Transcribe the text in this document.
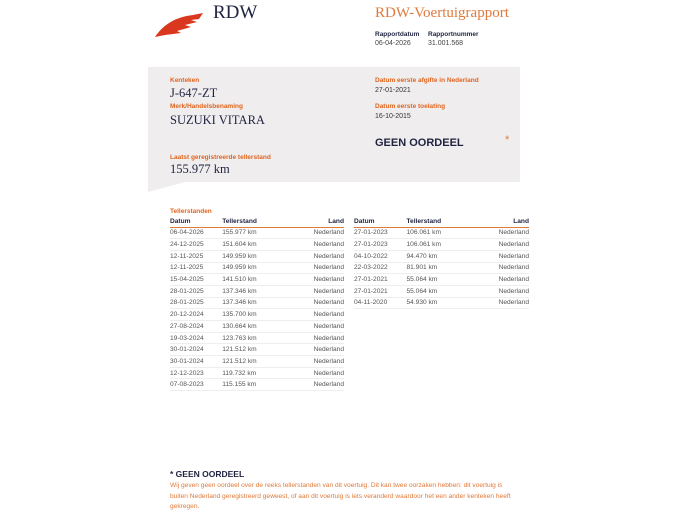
RDW	RDW-Voertuigrapport
Rapportdatum
06-04-2026
Rapportnummer
31.001.568
Kenteken
J-647-ZT
Merk/Handelsbenaming
SUZUKI VITARA
Laatst geregistreerde tellerstand
155.977 km
Datum eerste afgifte in Nederland
27-01-2021
Datum eerste toelating
16-10-2015
GEEN OORDEEL	*
Tellerstanden
Datum	Tellerstand	Land
06-04-2026	155.977 km	Nederland
24-12-2025	151.604 km	Nederland
12-11-2025	149.959 km	Nederland
12-11-2025	149.959 km	Nederland
15-04-2025	141.510 km	Nederland
28-01-2025	137.346 km	Nederland
28-01-2025	137.346 km	Nederland
20-12-2024	135.700 km	Nederland
27-08-2024	130.664 km	Nederland
19-03-2024	123.763 km	Nederland
30-01-2024	121.512 km	Nederland
30-01-2024	121.512 km	Nederland
12-12-2023	119.732 km	Nederland
07-08-2023	115.155 km	Nederland
Datum	Tellerstand	Land
27-01-2023	106.061 km	Nederland
27-01-2023	106.061 km	Nederland
04-10-2022	94.470 km	Nederland
22-03-2022	81.901 km	Nederland
27-01-2021	55.064 km	Nederland
27-01-2021	55.064 km	Nederland
04-11-2020	54.930 km	Nederland
* GEEN OORDEEL
Wij geven geen oordeel over de reeks tellerstanden van dit voertuig. Dit kan twee oorzaken hebben: dit voertuig is buiten Nederland geregistreerd geweest, of aan dit voertuig is iets veranderd waardoor het een ander kenteken heeft gekregen.
